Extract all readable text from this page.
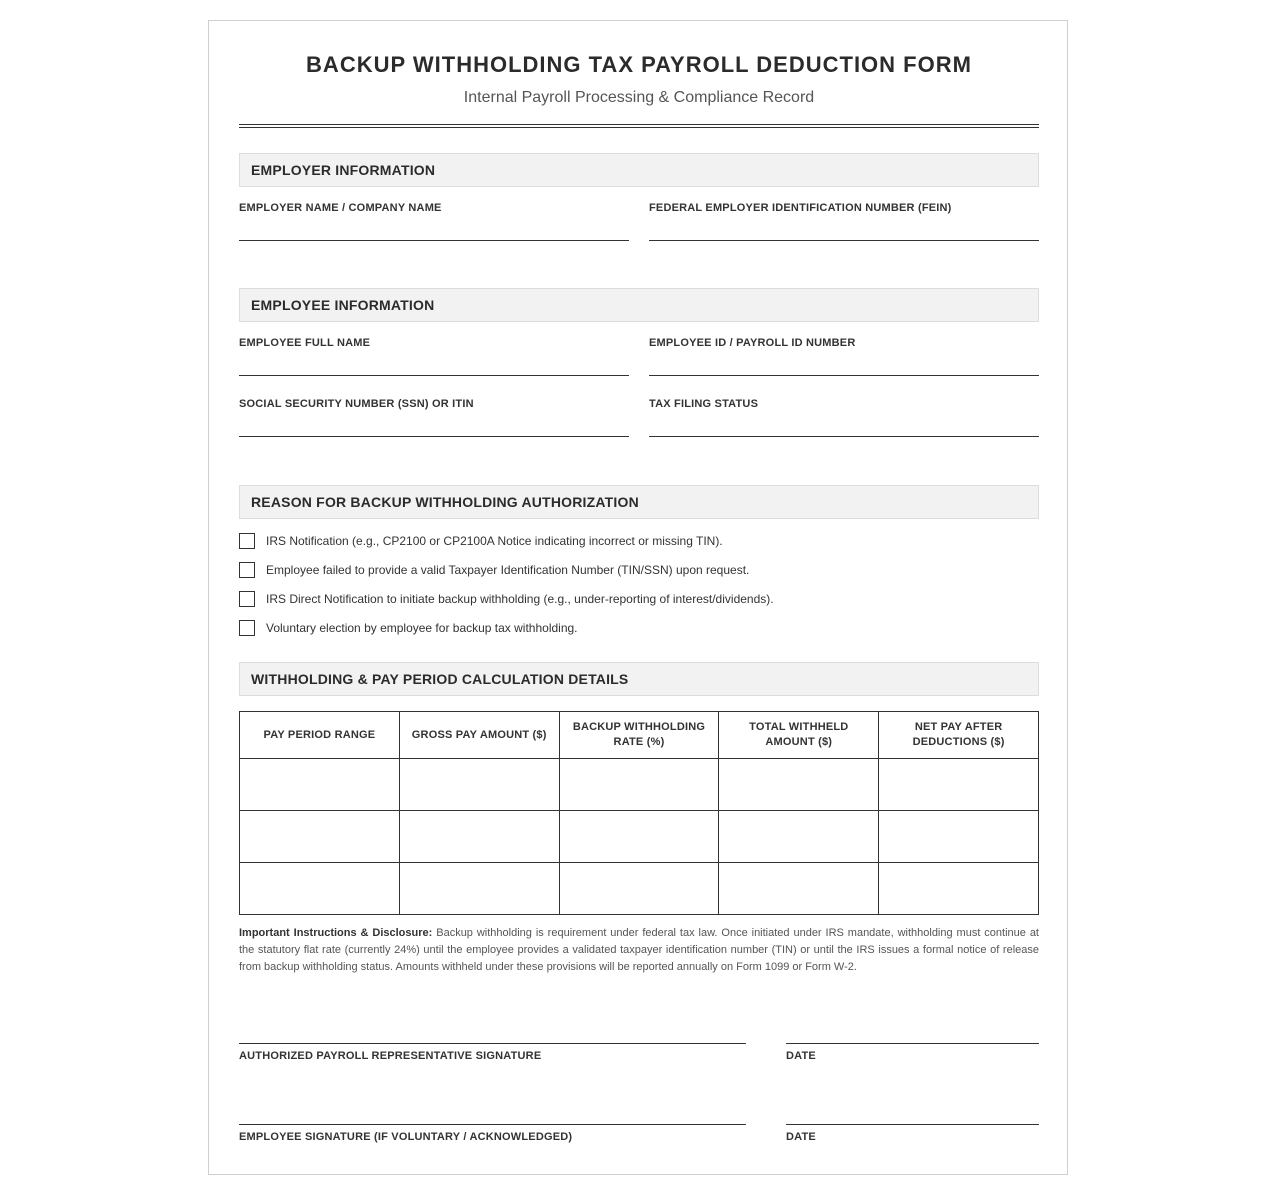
BACKUP WITHHOLDING TAX PAYROLL DEDUCTION FORM
Internal Payroll Processing & Compliance Record
EMPLOYER INFORMATION
EMPLOYER NAME / COMPANY NAME	FEDERAL EMPLOYER IDENTIFICATION NUMBER (FEIN)
EMPLOYEE INFORMATION
EMPLOYEE FULL NAME	EMPLOYEE ID / PAYROLL ID NUMBER
SOCIAL SECURITY NUMBER (SSN) OR ITIN	TAX FILING STATUS
REASON FOR BACKUP WITHHOLDING AUTHORIZATION
IRS Notification (e.g., CP2100 or CP2100A Notice indicating incorrect or missing TIN).
Employee failed to provide a valid Taxpayer Identification Number (TIN/SSN) upon request.
IRS Direct Notification to initiate backup withholding (e.g., under-reporting of interest/dividends).
Voluntary election by employee for backup tax withholding.
WITHHOLDING & PAY PERIOD CALCULATION DETAILS
PAY PERIOD RANGE	GROSS PAY AMOUNT ($)	BACKUP WITHHOLDING RATE (%)	TOTAL WITHHELD AMOUNT ($)	NET PAY AFTER DEDUCTIONS ($)

Important Instructions & Disclosure: Backup withholding is requirement under federal tax law. Once initiated under IRS mandate, withholding must continue at the statutory flat rate (currently 24%) until the employee provides a validated taxpayer identification number (TIN) or until the IRS issues a formal notice of release from backup withholding status. Amounts withheld under these provisions will be reported annually on Form 1099 or Form W-2.
AUTHORIZED PAYROLL REPRESENTATIVE SIGNATURE	DATE
EMPLOYEE SIGNATURE (IF VOLUNTARY / ACKNOWLEDGED)	DATE
